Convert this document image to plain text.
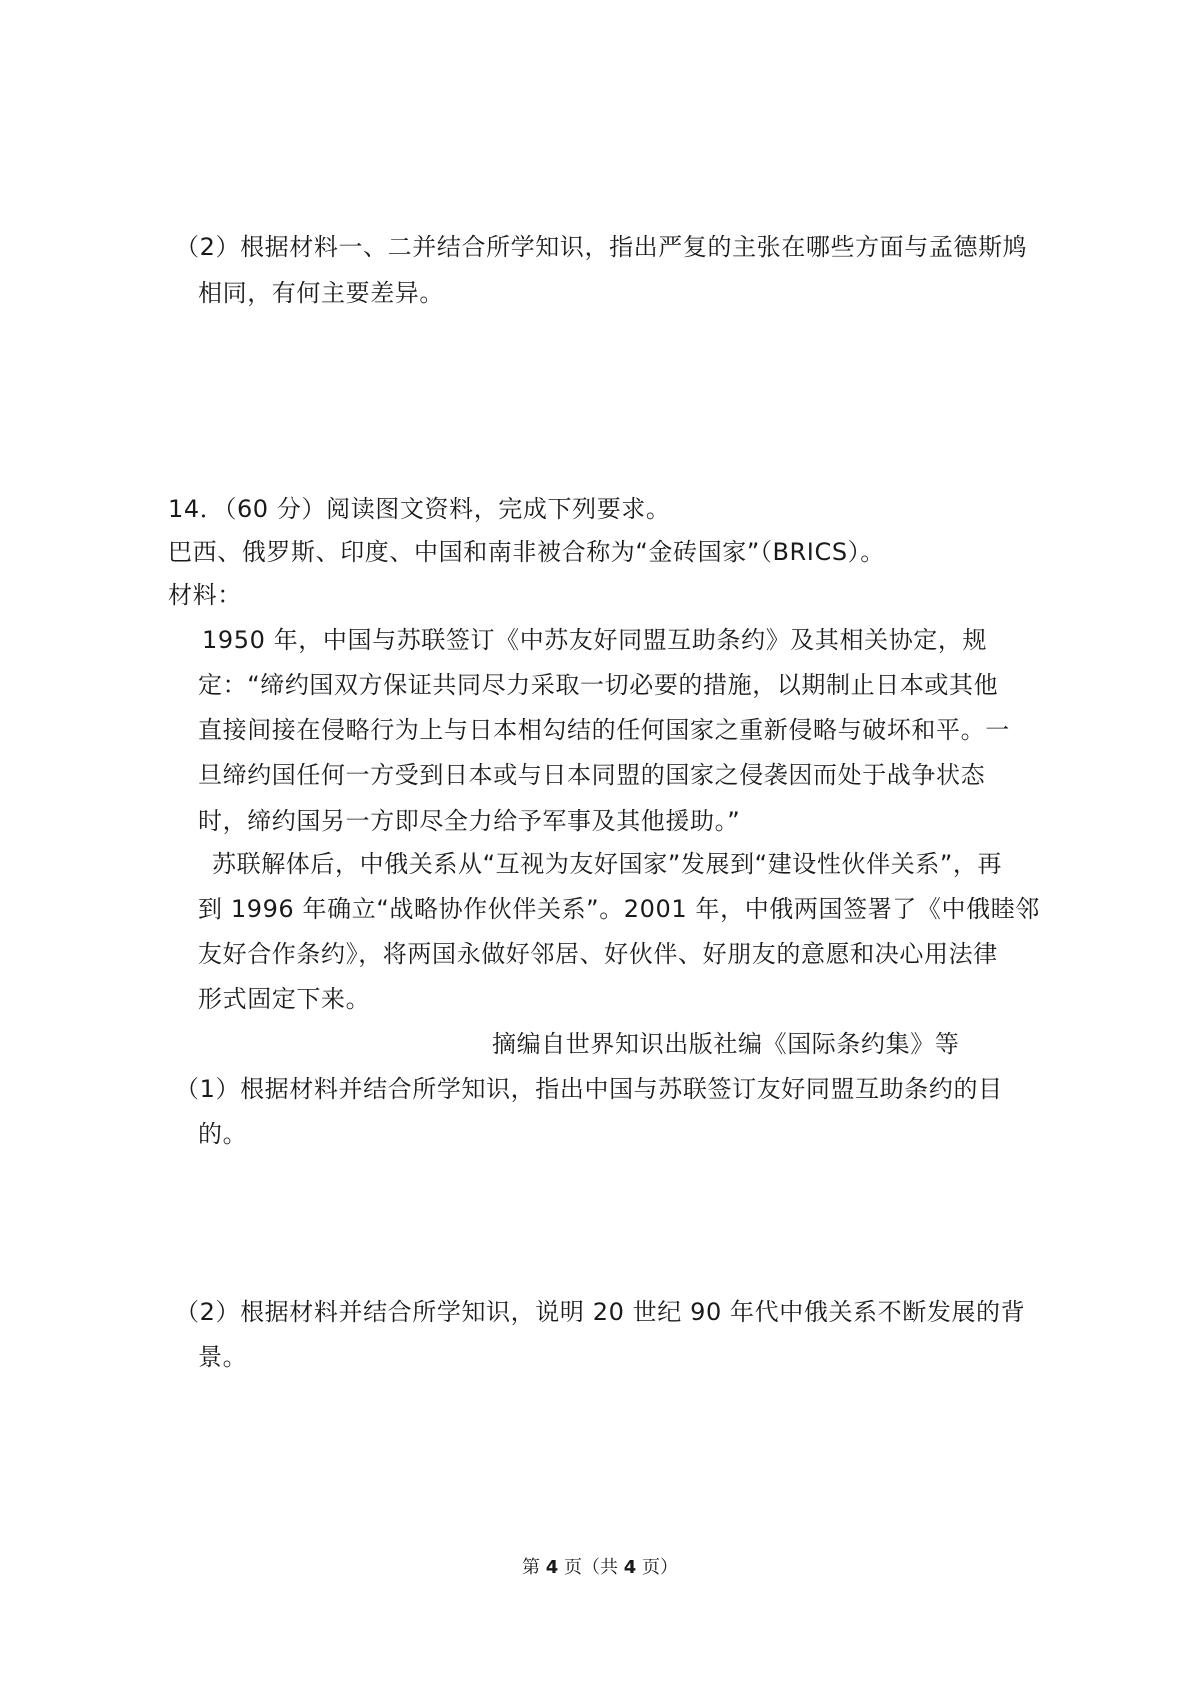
（2）根据材料一、二并结合所学知识，指出严复的主张在哪些方面与孟德斯鸠
相同，有何主要差异。
14．（60 分）阅读图文资料，完成下列要求。
巴西、俄罗斯、印度、中国和南非被合称为“金砖国家”（BRICS）。
材料：
1950 年，中国与苏联签订《中苏友好同盟互助条约》及其相关协定，规
定：“缔约国双方保证共同尽力采取一切必要的措施，以期制止日本或其他
直接间接在侵略行为上与日本相勾结的任何国家之重新侵略与破坏和平。一
旦缔约国任何一方受到日本或与日本同盟的国家之侵袭因而处于战争状态
时，缔约国另一方即尽全力给予军事及其他援助。”
苏联解体后，中俄关系从“互视为友好国家”发展到“建设性伙伴关系”，再
到 1996 年确立“战略协作伙伴关系”。2001 年，中俄两国签署了《中俄睦邻
友好合作条约》，将两国永做好邻居、好伙伴、好朋友的意愿和决心用法律
形式固定下来。
摘编自世界知识出版社编《国际条约集》等
（1）根据材料并结合所学知识，指出中国与苏联签订友好同盟互助条约的目
的。
（2）根据材料并结合所学知识，说明 20 世纪 90 年代中俄关系不断发展的背
景。
第 4 页（共 4 页）
